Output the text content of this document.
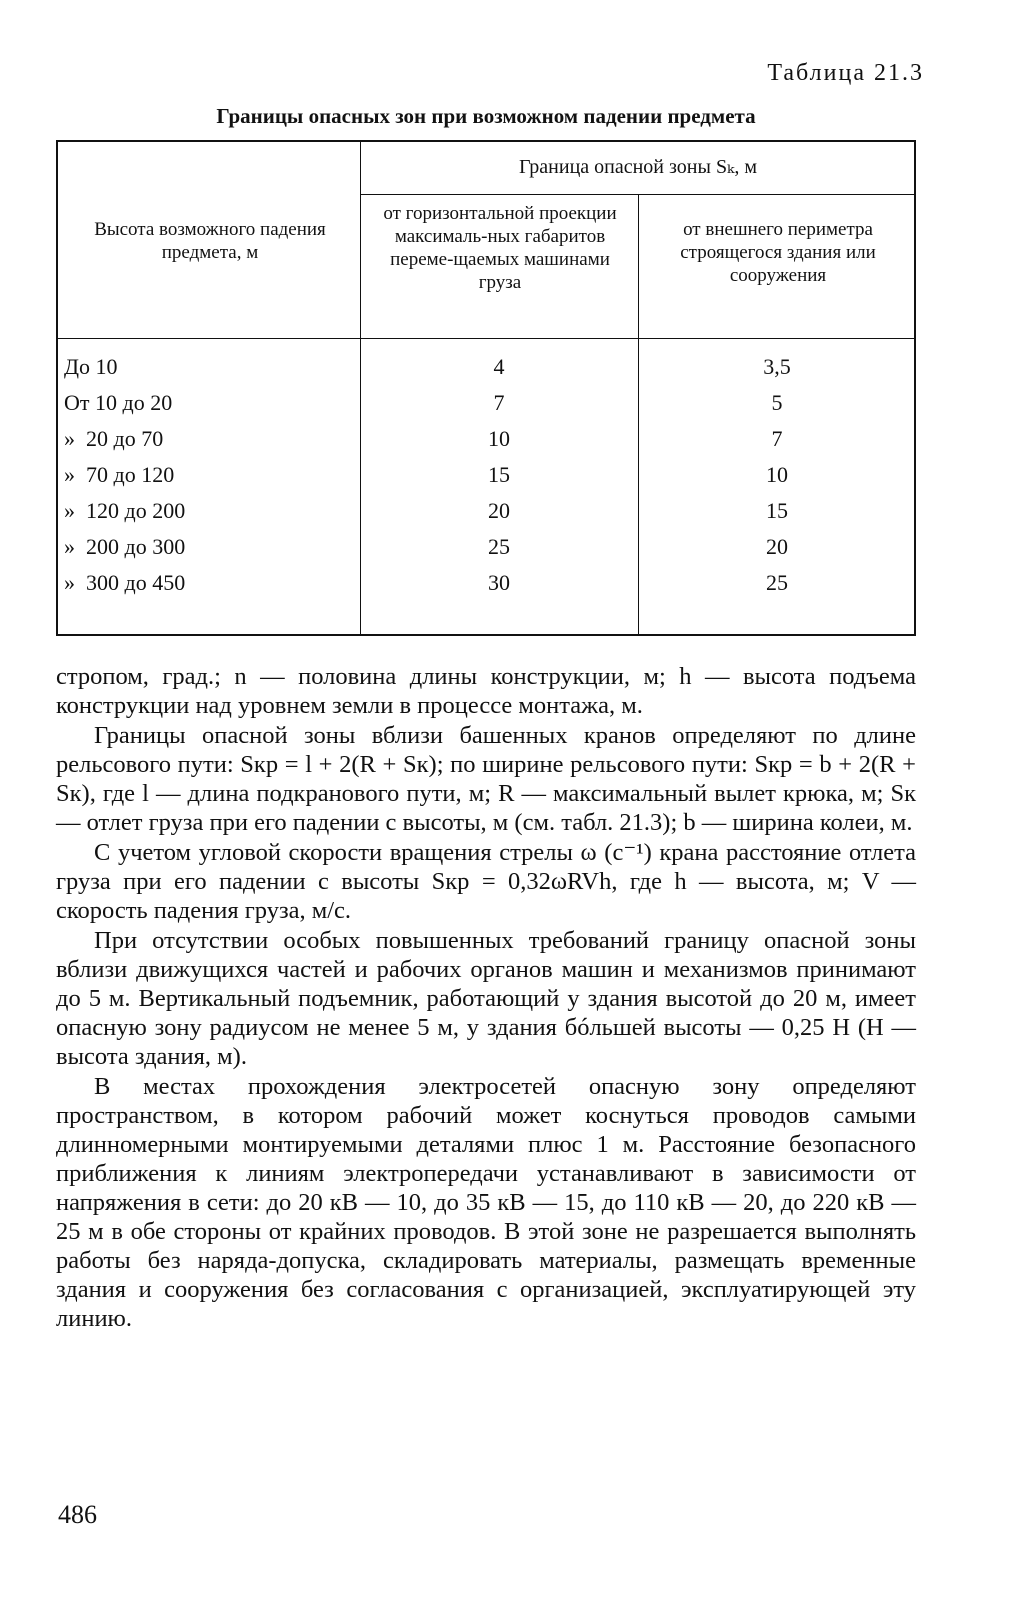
Таблица 21.3
Границы опасных зон при возможном падении предмета
Высота возможного падения предмета, м
Граница опасной зоны Sₖ, м
от горизонтальной проекции максималь-ных габаритов переме-щаемых машинами груза
от внешнего периметра строящегося здания или сооружения
До 10	4	3,5
От 10 до 20	7	5
»  20 до 70	10	7
»  70 до 120	15	10
»  120 до 200	20	15
»  200 до 300	25	20
»  300 до 450	30	25

стропом, град.; n — половина длины конструкции, м; h — высота подъема конструкции над уровнем земли в процессе монтажа, м.

Границы опасной зоны вблизи башенных кранов определяют по длине рельсового пути: Sкр = l + 2(R + Sк); по ширине рельсового пути: Sкр = b + 2(R + Sк), где l — длина подкранового пути, м; R — максимальный вылет крюка, м; Sк — отлет груза при его падении с высоты, м (см. табл. 21.3); b — ширина колеи, м.

С учетом угловой скорости вращения стрелы ω (с⁻¹) крана расстояние отлета груза при его падении с высоты Sкр = 0,32ωRVh, где h — высота, м; V — скорость падения груза, м/с.

При отсутствии особых повышенных требований границу опасной зоны вблизи движущихся частей и рабочих органов машин и механизмов принимают до 5 м. Вертикальный подъемник, работающий у здания высотой до 20 м, имеет опасную зону радиусом не менее 5 м, у здания бóльшей высоты — 0,25 H (H — высота здания, м).

В местах прохождения электросетей опасную зону определяют пространством, в котором рабочий может коснуться проводов самыми длинномерными монтируемыми деталями плюс 1 м. Расстояние безопасного приближения к линиям электропередачи устанавливают в зависимости от напряжения в сети: до 20 кВ — 10, до 35 кВ — 15, до 110 кВ — 20, до 220 кВ — 25 м в обе стороны от крайних проводов. В этой зоне не разрешается выполнять работы без наряда-допуска, складировать материалы, размещать временные здания и сооружения без согласования с организацией, эксплуатирующей эту линию.

486
